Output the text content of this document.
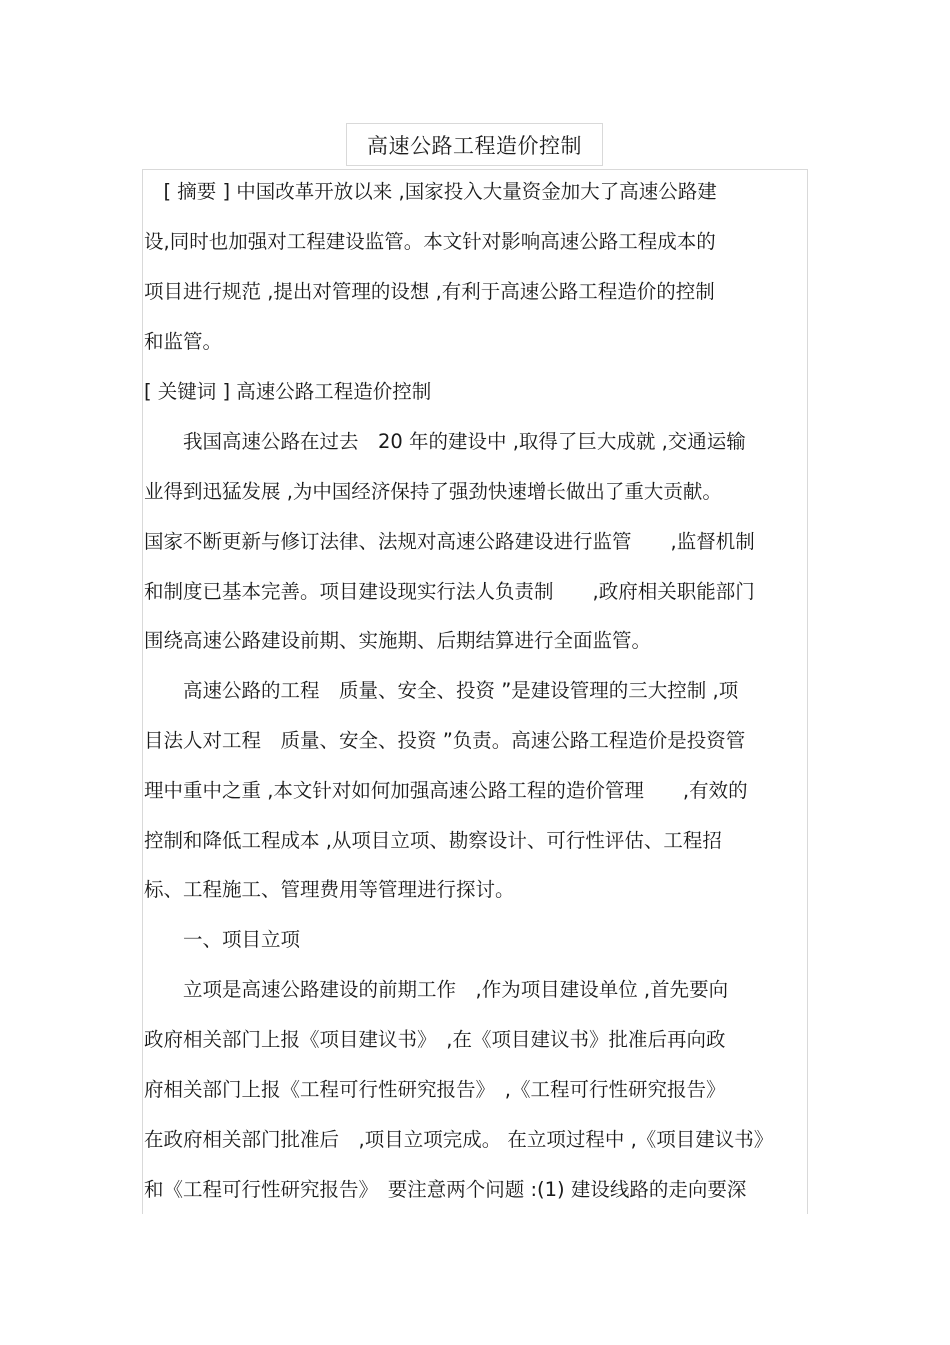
高速公路工程造价控制
　[ 摘要 ] 中国改革开放以来 ,国家投入大量资金加大了高速公路建
设,同时也加强对工程建设监管。本文针对影响高速公路工程成本的
项目进行规范 ,提出对管理的设想 ,有利于高速公路工程造价的控制
和监管。
[ 关键词 ] 高速公路工程造价控制
　　我国高速公路在过去　20 年的建设中 ,取得了巨大成就 ,交通运输
业得到迅猛发展 ,为中国经济保持了强劲快速增长做出了重大贡献。
国家不断更新与修订法律、法规对高速公路建设进行监管　　,监督机制
和制度已基本完善。项目建设现实行法人负责制　　,政府相关职能部门
围绕高速公路建设前期、实施期、后期结算进行全面监管。
　　高速公路的工程　质量、安全、投资 ”是建设管理的三大控制 ,项
目法人对工程　质量、安全、投资 ”负责。高速公路工程造价是投资管
理中重中之重 ,本文针对如何加强高速公路工程的造价管理　　,有效的
控制和降低工程成本 ,从项目立项、勘察设计、可行性评估、工程招
标、工程施工、管理费用等管理进行探讨。
　　一、项目立项
　　立项是高速公路建设的前期工作　,作为项目建设单位 ,首先要向
政府相关部门上报《项目建议书》　,在《项目建议书》批准后再向政
府相关部门上报《工程可行性研究报告》　,《工程可行性研究报告》
在政府相关部门批准后　,项目立项完成。 在立项过程中 ,《项目建议书》
和《工程可行性研究报告》　要注意两个问题 :(1) 建设线路的走向要深
